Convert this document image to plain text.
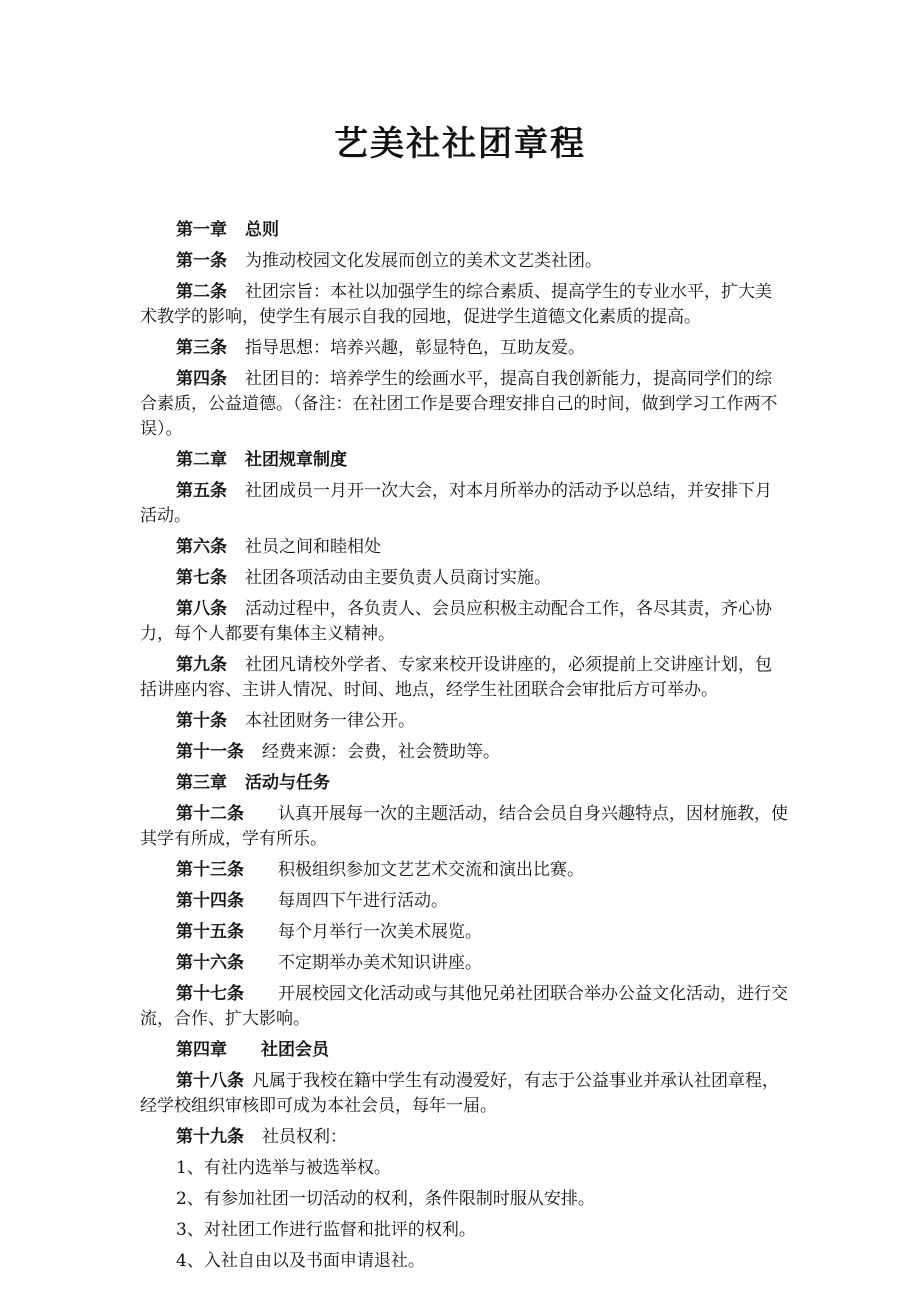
艺美社社团章程

第一章 总则

第一条 为推动校园文化发展而创立的美术文艺类社团。

第二条 社团宗旨：本社以加强学生的综合素质、提高学生的专业水平，扩大美术教学的影响，使学生有展示自我的园地，促进学生道德文化素质的提高。

第三条 指导思想：培养兴趣，彰显特色，互助友爱。

第四条 社团目的：培养学生的绘画水平，提高自我创新能力，提高同学们的综合素质，公益道德。（备注：在社团工作是要合理安排自己的时间，做到学习工作两不误）。

第二章 社团规章制度

第五条 社团成员一月开一次大会，对本月所举办的活动予以总结，并安排下月活动。

第六条 社员之间和睦相处

第七条 社团各项活动由主要负责人员商讨实施。

第八条 活动过程中，各负责人、会员应积极主动配合工作，各尽其责，齐心协力，每个人都要有集体主义精神。

第九条 社团凡请校外学者、专家来校开设讲座的，必须提前上交讲座计划，包括讲座内容、主讲人情况、时间、地点，经学生社团联合会审批后方可举办。

第十条 本社团财务一律公开。

第十一条 经费来源：会费，社会赞助等。

第三章 活动与任务

第十二条 认真开展每一次的主题活动，结合会员自身兴趣特点，因材施教，使其学有所成，学有所乐。

第十三条 积极组织参加文艺艺术交流和演出比赛。

第十四条 每周四下午进行活动。

第十五条 每个月举行一次美术展览。

第十六条 不定期举办美术知识讲座。

第十七条 开展校园文化活动或与其他兄弟社团联合举办公益文化活动，进行交流，合作、扩大影响。

第四章 社团会员

第十八条 凡属于我校在籍中学生有动漫爱好，有志于公益事业并承认社团章程，经学校组织审核即可成为本社会员，每年一届。

第十九条 社员权利：

1、有社内选举与被选举权。

2、有参加社团一切活动的权利，条件限制时服从安排。

3、对社团工作进行监督和批评的权利。

4、入社自由以及书面申请退社。
